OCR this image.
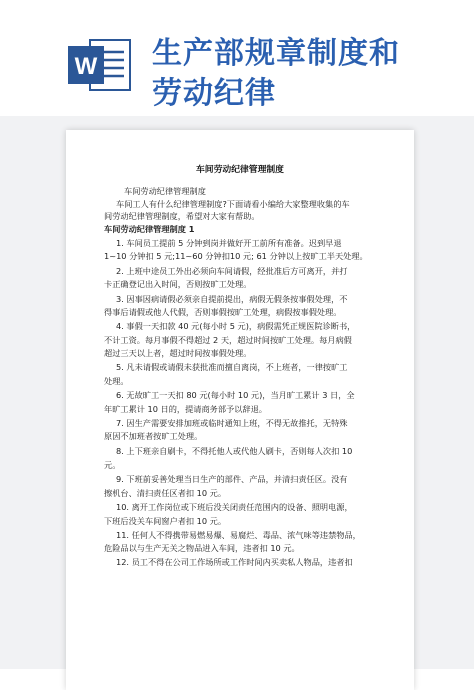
W 生产部规章制度和
劳动纪律
车间劳动纪律管理制度
车间劳动纪律管理制度
车间工人有什么纪律管理制度?下面请看小编给大家整理收集的车
间劳动纪律管理制度，希望对大家有帮助。
车间劳动纪律管理制度 1
1. 车间员工提前 5 分钟到岗并做好开工前所有准备。迟到早退
1~10 分钟扣 5 元;11~60 分钟扣10 元; 61 分钟以上按旷工半天处理。
2. 上班中途员工外出必须向车间请假，经批准后方可离开，并打
卡正确登记出入时间，否则按旷工处理。
3. 因事因病请假必须亲自提前提出，病假无假条按事假处理，不
得事后请假或他人代假，否则事假按旷工处理，病假按事假处理。
4. 事假一天扣款 40 元(每小时 5 元)，病假需凭正规医院诊断书，
不计工资。每月事假不得超过 2 天，超过时间按旷工处理。每月病假
超过三天以上者，超过时间按事假处理。
5. 凡未请假或请假未获批准而擅自离岗，不上班者，一律按旷工
处理。
6. 无故旷工一天扣 80 元(每小时 10 元)，当月旷工累计 3 日，全
年旷工累计 10 日的，提请商务部予以辞退。
7. 因生产需要安排加班或临时通知上班，不得无故推托，无特殊
原因不加班者按旷工处理。
8. 上下班亲自刷卡，不得托他人或代他人刷卡，否则每人次扣 10
元。
9. 下班前妥善处理当日生产的部件、产品，并清扫责任区。没有
擦机台、清扫责任区者扣 10 元。
10. 离开工作岗位或下班后没关闭责任范围内的设备、照明电源，
下班后没关车间窗户者扣 10 元。
11. 任何人不得携带易燃易爆、易腐烂、毒品、浓气味等违禁物品，
危险品以与生产无关之物品进入车间，违者扣 10 元。
12. 员工不得在公司工作场所或工作时间内买卖私人物品，违者扣
